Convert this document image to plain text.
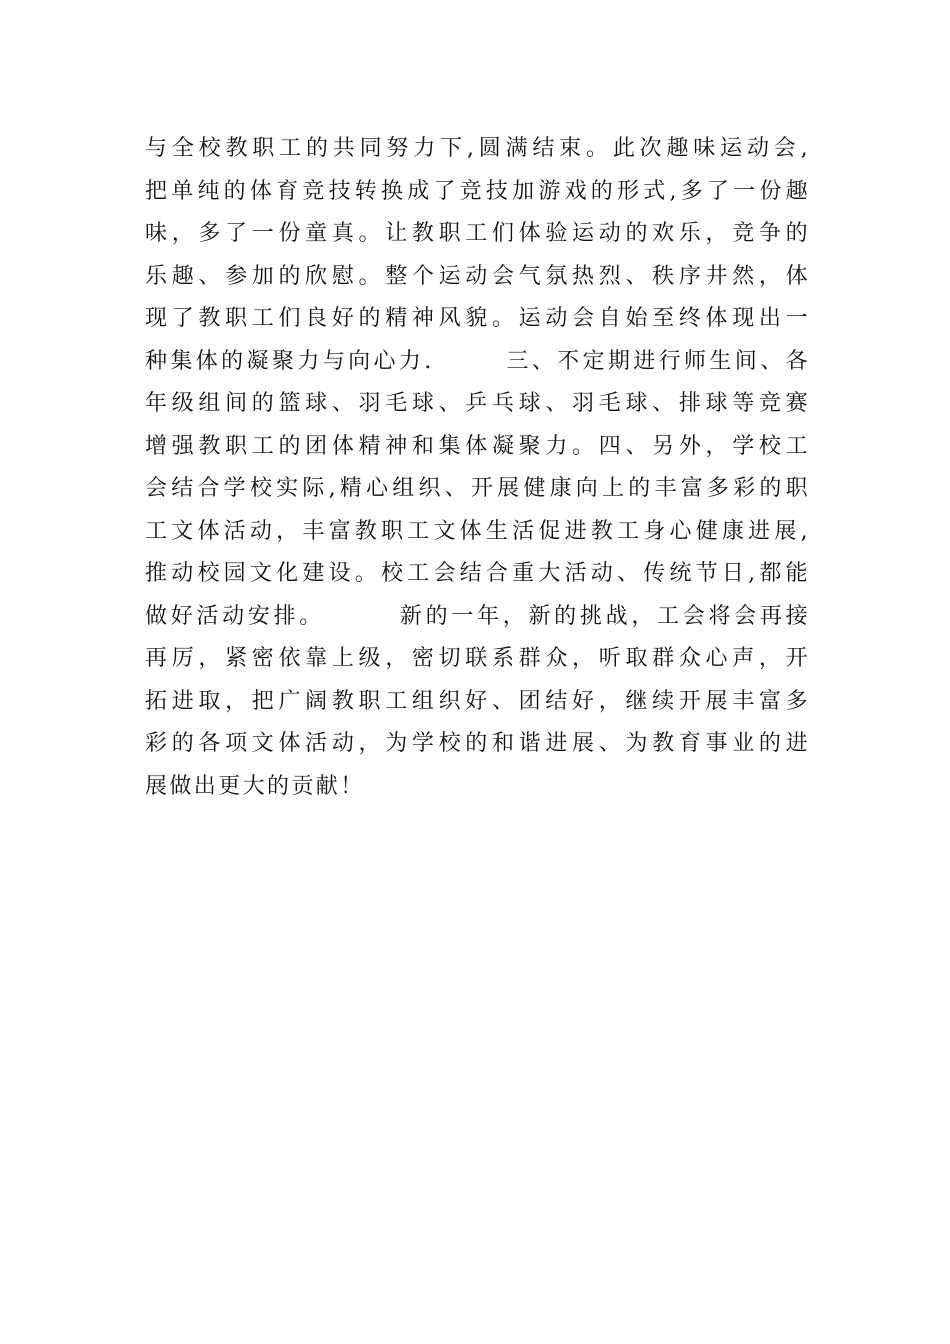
与全校教职工的共同努力下,圆满结束。此次趣味运动会,
把单纯的体育竞技转换成了竞技加游戏的形式,多了一份趣
味，多了一份童真。让教职工们体验运动的欢乐，竞争的
乐趣、参加的欣慰。整个运动会气氛热烈、秩序井然，体
现了教职工们良好的精神风貌。运动会自始至终体现出一
种集体的凝聚力与向心力.       三、不定期进行师生间、各
年级组间的篮球、羽毛球、乒乓球、羽毛球、排球等竞赛
增强教职工的团体精神和集体凝聚力。四、另外，学校工
会结合学校实际,精心组织、开展健康向上的丰富多彩的职
工文体活动，丰富教职工文体生活促进教工身心健康进展,
推动校园文化建设。校工会结合重大活动、传统节日,都能
做好活动安排。       新的一年，新的挑战，工会将会再接
再厉，紧密依靠上级，密切联系群众，听取群众心声，开
拓进取，把广阔教职工组织好、团结好，继续开展丰富多
彩的各项文体活动，为学校的和谐进展、为教育事业的进
展做出更大的贡献！
